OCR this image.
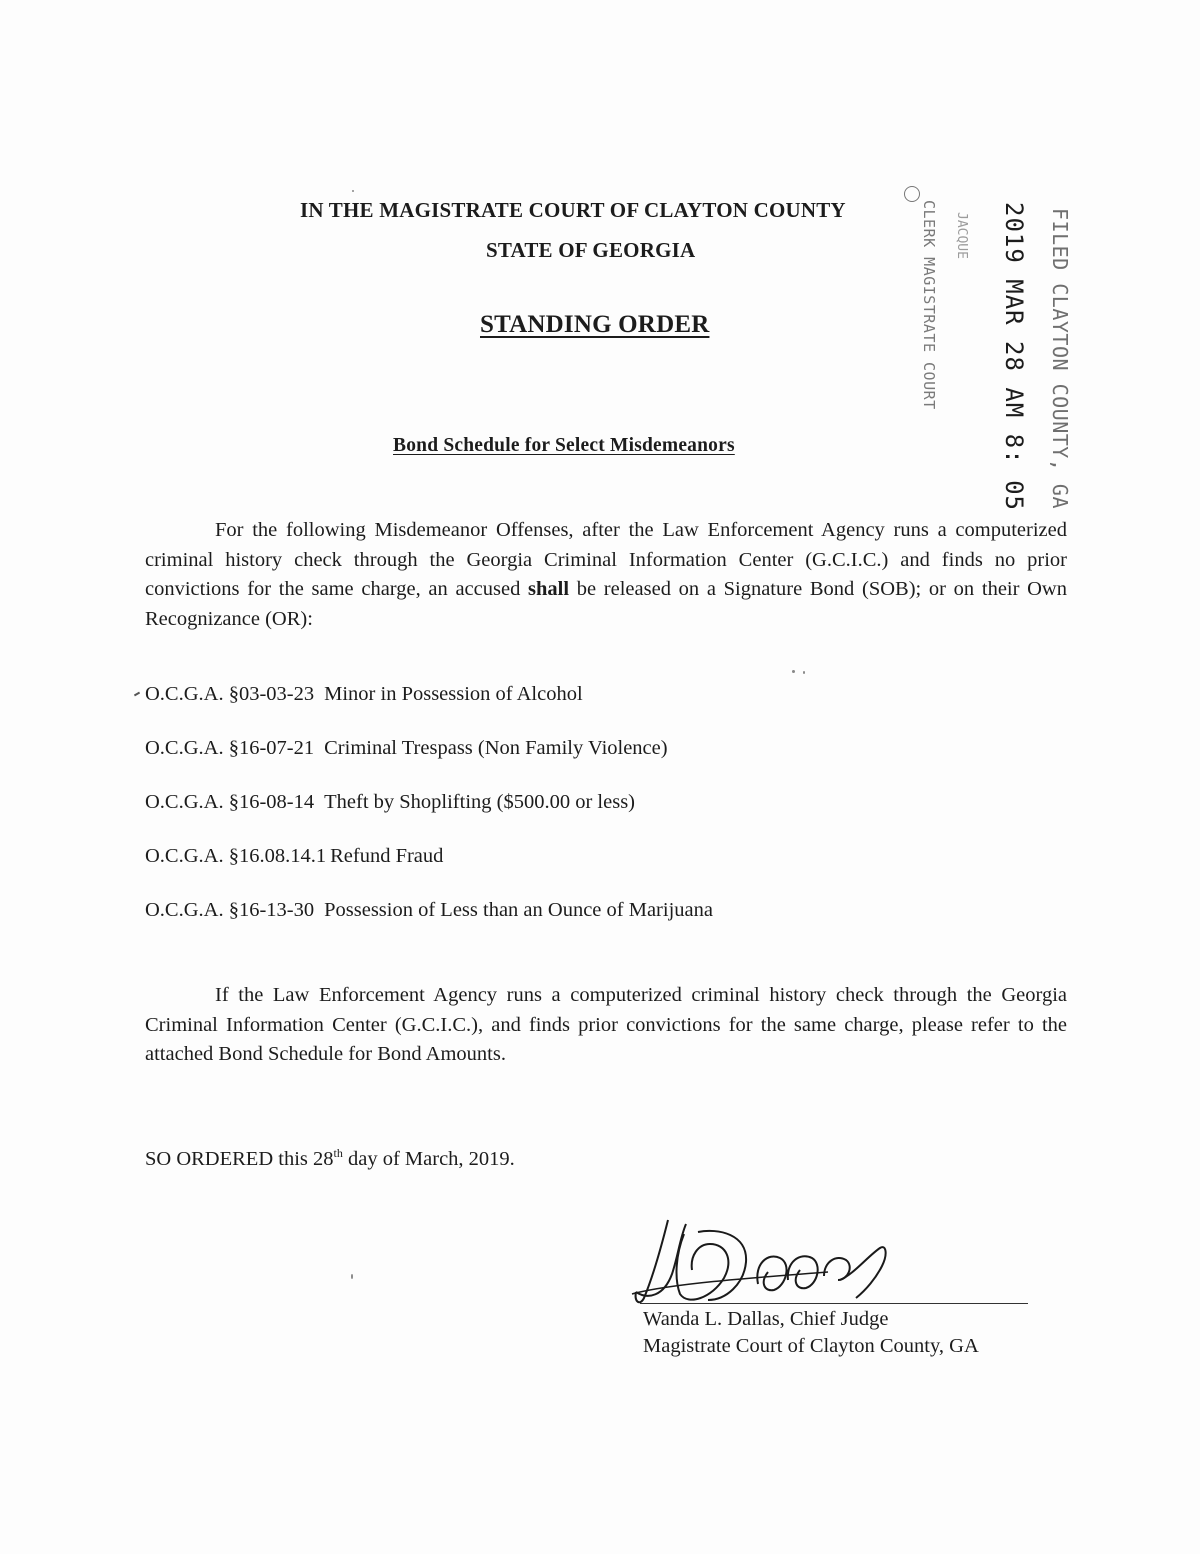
IN THE MAGISTRATE COURT OF CLAYTON COUNTY
STATE OF GEORGIA
STANDING ORDER
Bond Schedule for Select Misdemeanors
CLERK MAGISTRATE COURT JACQUE 2019 MAR 28 AM 8: 05 FILED CLAYTON COUNTY, GA
For the following Misdemeanor Offenses, after the Law Enforcement Agency runs a computerized criminal history check through the Georgia Criminal Information Center (G.C.I.C.) and finds no prior convictions for the same charge, an accused shall be released on a Signature Bond (SOB); or on their Own Recognizance (OR):
O.C.G.A. §03-03-23 Minor in Possession of Alcohol
O.C.G.A. §16-07-21 Criminal Trespass (Non Family Violence)
O.C.G.A. §16-08-14 Theft by Shoplifting ($500.00 or less)
O.C.G.A. §16.08.14.1 Refund Fraud
O.C.G.A. §16-13-30 Possession of Less than an Ounce of Marijuana
If the Law Enforcement Agency runs a computerized criminal history check through the Georgia Criminal Information Center (G.C.I.C.), and finds prior convictions for the same charge, please refer to the attached Bond Schedule for Bond Amounts.
SO ORDERED this 28th day of March, 2019.
Wanda L. Dallas, Chief Judge
Magistrate Court of Clayton County, GA
